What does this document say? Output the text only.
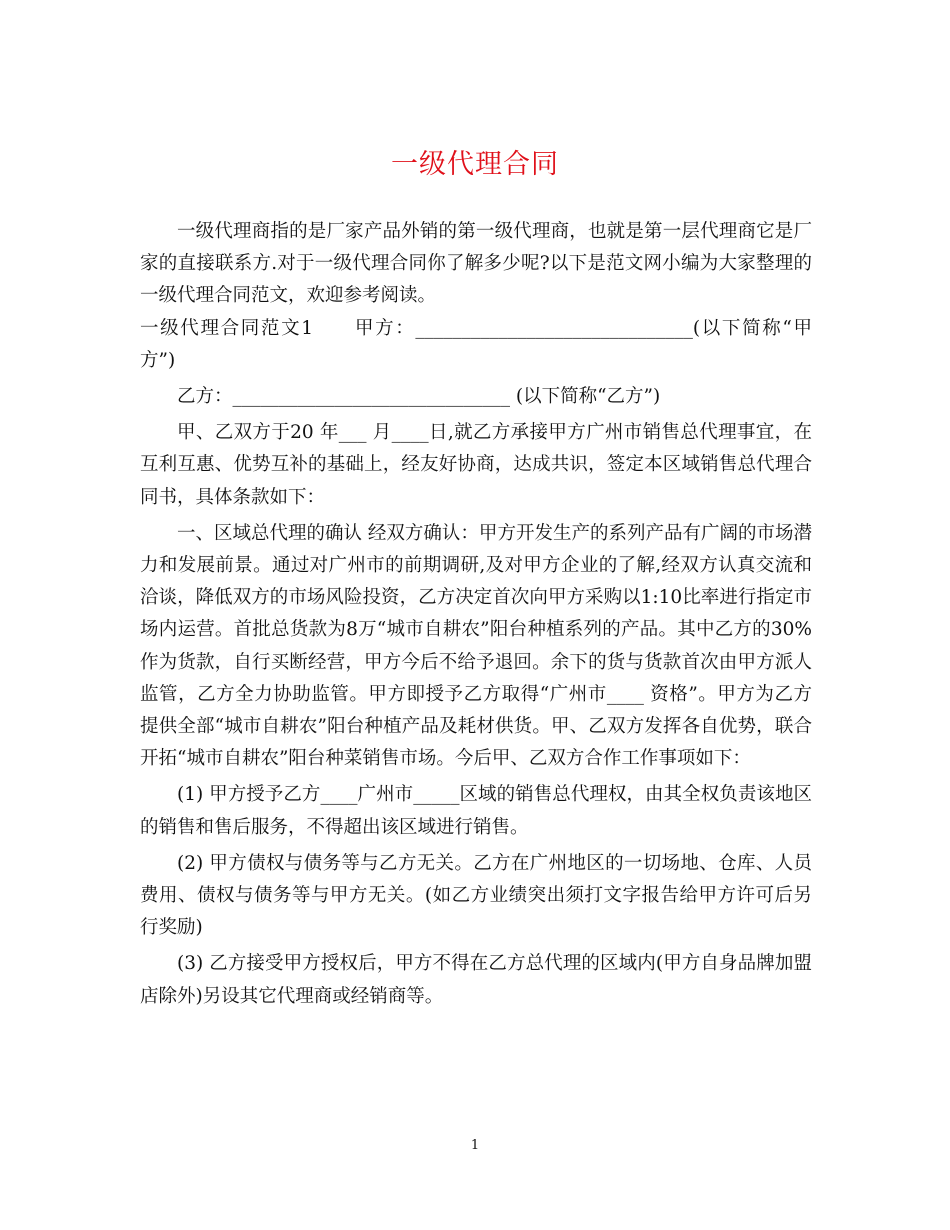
一级代理合同

一级代理商指的是厂家产品外销的第一级代理商，也就是第一层代理商它是厂家的直接联系方.对于一级代理合同你了解多少呢?以下是范文网小编为大家整理的一级代理合同范文，欢迎参考阅读。

一级代理合同范文1　　甲方：______________________________(以下简称“甲方”)

乙方：______________________________ (以下简称“乙方”)

甲、乙双方于20 年___ 月____日,就乙方承接甲方广州市销售总代理事宜，在互利互惠、优势互补的基础上，经友好协商，达成共识，签定本区域销售总代理合同书，具体条款如下：

一、区域总代理的确认 经双方确认：甲方开发生产的系列产品有广阔的市场潜力和发展前景。通过对广州市的前期调研,及对甲方企业的了解,经双方认真交流和洽谈，降低双方的市场风险投资，乙方决定首次向甲方采购以1:10比率进行指定市场内运营。首批总货款为8万“城市自耕农”阳台种植系列的产品。其中乙方的30%作为货款，自行买断经营，甲方今后不给予退回。余下的货与货款首次由甲方派人监管，乙方全力协助监管。甲方即授予乙方取得“广州市____ 资格”。甲方为乙方提供全部“城市自耕农”阳台种植产品及耗材供货。甲、乙双方发挥各自优势，联合开拓“城市自耕农”阳台种菜销售市场。今后甲、乙双方合作工作事项如下：

(1) 甲方授予乙方____广州市_____区域的销售总代理权，由其全权负责该地区的销售和售后服务，不得超出该区域进行销售。

(2) 甲方债权与债务等与乙方无关。乙方在广州地区的一切场地、仓库、人员费用、债权与债务等与甲方无关。(如乙方业绩突出须打文字报告给甲方许可后另行奖励)

(3) 乙方接受甲方授权后，甲方不得在乙方总代理的区域内(甲方自身品牌加盟店除外)另设其它代理商或经销商等。

1
